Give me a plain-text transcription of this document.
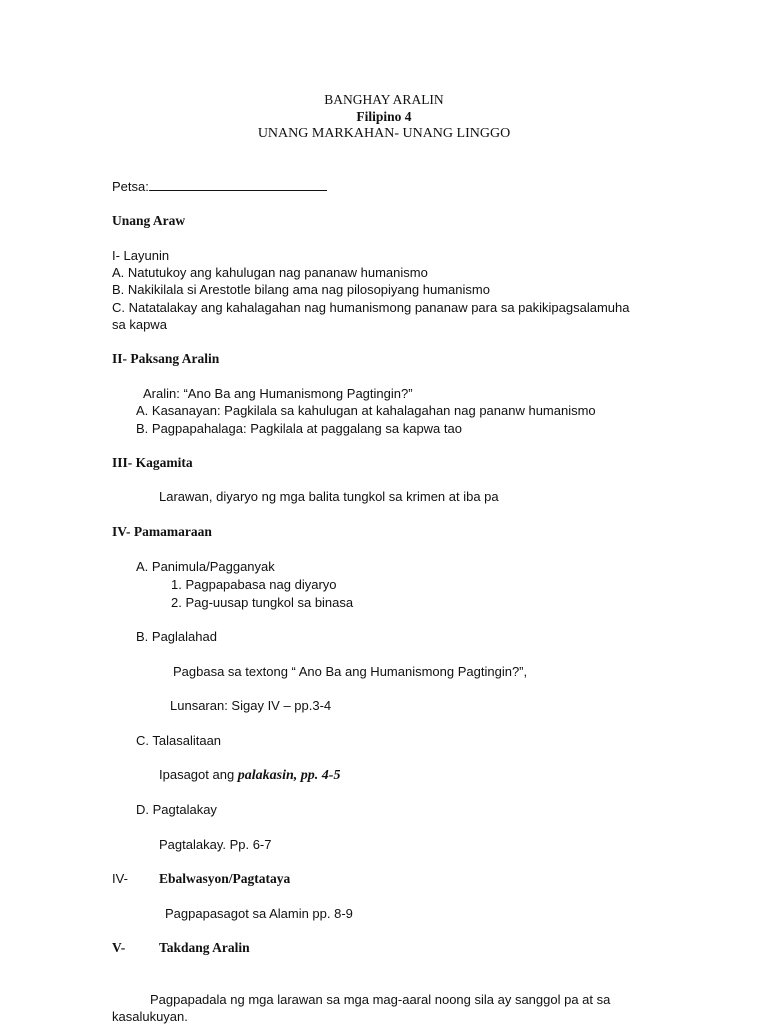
BANGHAY ARALIN
Filipino 4
UNANG MARKAHAN- UNANG LINGGO
Petsa:
Unang Araw
I- Layunin
A. Natutukoy ang kahulugan nag pananaw humanismo
B. Nakikilala si Arestotle bilang ama nag pilosopiyang humanismo
C. Natatalakay ang kahalagahan nag humanismong pananaw para sa pakikipagsalamuha
sa kapwa
II- Paksang Aralin
Aralin: “Ano Ba ang Humanismong Pagtingin?”
A. Kasanayan: Pagkilala sa kahulugan at kahalagahan nag pananw humanismo
B. Pagpapahalaga: Pagkilala at paggalang sa kapwa tao
III- Kagamita
Larawan, diyaryo ng mga balita tungkol sa krimen at iba pa
IV- Pamamaraan
A. Panimula/Pagganyak
1. Pagpapabasa nag diyaryo
2. Pag-uusap tungkol sa binasa
B. Paglalahad
Pagbasa sa textong “ Ano Ba ang Humanismong Pagtingin?”,
Lunsaran: Sigay IV – pp.3-4
C. Talasalitaan
Ipasagot ang palakasin, pp. 4-5
D. Pagtalakay
Pagtalakay. Pp. 6-7
IV- Ebalwasyon/Pagtataya
Pagpapasagot sa Alamin pp. 8-9
V-	Takdang Aralin
Pagpapadala ng mga larawan sa mga mag-aaral noong sila ay sanggol pa at sa
kasalukuyan.
